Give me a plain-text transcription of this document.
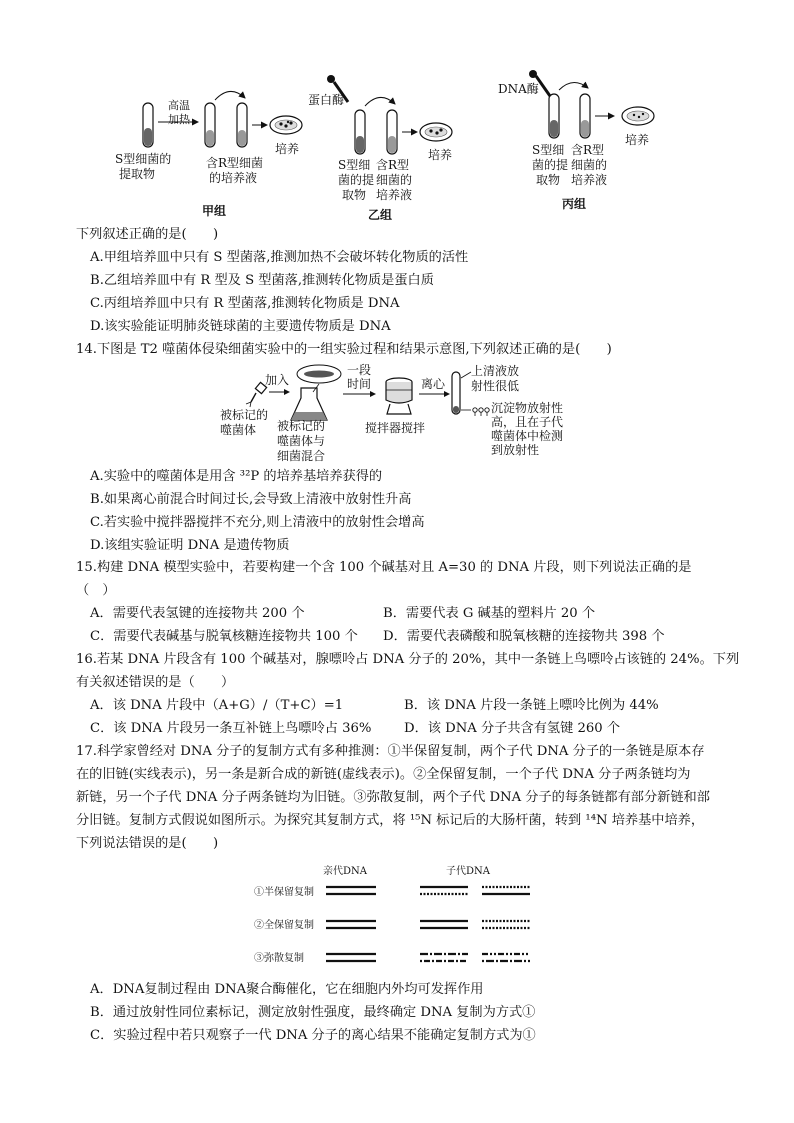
高温
加热
培养
S型细菌的
提取物
含R型细菌
的培养液
甲组
蛋白酶
培养
S型细
菌的提
取物
含R型
细菌的
培养液
乙组
DNA酶
培养
S型细
菌的提
取物
含R型
细菌的
培养液
丙组
下列叙述正确的是(　　)
A.甲组培养皿中只有 S 型菌落,推测加热不会破坏转化物质的活性
B.乙组培养皿中有 R 型及 S 型菌落,推测转化物质是蛋白质
C.丙组培养皿中只有 R 型菌落,推测转化物质是 DNA
D.该实验能证明肺炎链球菌的主要遗传物质是 DNA
14.下图是 T2 噬菌体侵染细菌实验中的一组实验过程和结果示意图,下列叙述正确的是(　　)
被标记的
噬菌体
加入
被标记的
噬菌体与
细菌混合
一段
时间
搅拌器搅拌
离心
上清液放
射性很低
沉淀物放射性
高，且在子代
噬菌体中检测
到放射性
A.实验中的噬菌体是用含 ³²P 的培养基培养获得的
B.如果离心前混合时间过长,会导致上清液中放射性升高
C.若实验中搅拌器搅拌不充分,则上清液中的放射性会增高
D.该组实验证明 DNA 是遗传物质
15.构建 DNA 模型实验中，若要构建一个含 100 个碱基对且 A=30 的 DNA 片段，则下列说法正确的是
（　）
A．需要代表氢键的连接物共 200 个	B．需要代表 G 碱基的塑料片 20 个
C．需要代表碱基与脱氧核糖连接物共 100 个 D．需要代表磷酸和脱氧核糖的连接物共 398 个
16.若某 DNA 片段含有 100 个碱基对，腺嘌呤占 DNA 分子的 20%，其中一条链上鸟嘌呤占该链的 24%。下列
有关叙述错误的是（　　）
A．该 DNA 片段中（A+G）/（T+C）=1	B．该 DNA 片段一条链上嘌呤比例为 44%
C．该 DNA 片段另一条互补链上鸟嘌呤占 36% D．该 DNA 分子共含有氢键 260 个
17.科学家曾经对 DNA 分子的复制方式有多种推测：①半保留复制，两个子代 DNA 分子的一条链是原本存
在的旧链(实线表示)，另一条是新合成的新链(虚线表示)。②全保留复制，一个子代 DNA 分子两条链均为
新链，另一个子代 DNA 分子两条链均为旧链。③弥散复制，两个子代 DNA 分子的每条链都有部分新链和部
分旧链。复制方式假说如图所示。为探究其复制方式，将 ¹⁵N 标记后的大肠杆菌，转到 ¹⁴N 培养基中培养，
下列说法错误的是(　　)
亲代DNA	子代DNA
①半保留复制
②全保留复制
③弥散复制
A．DNA复制过程由 DNA聚合酶催化，它在细胞内外均可发挥作用
B．通过放射性同位素标记，测定放射性强度，最终确定 DNA 复制为方式①
C．实验过程中若只观察子一代 DNA 分子的离心结果不能确定复制方式为①
